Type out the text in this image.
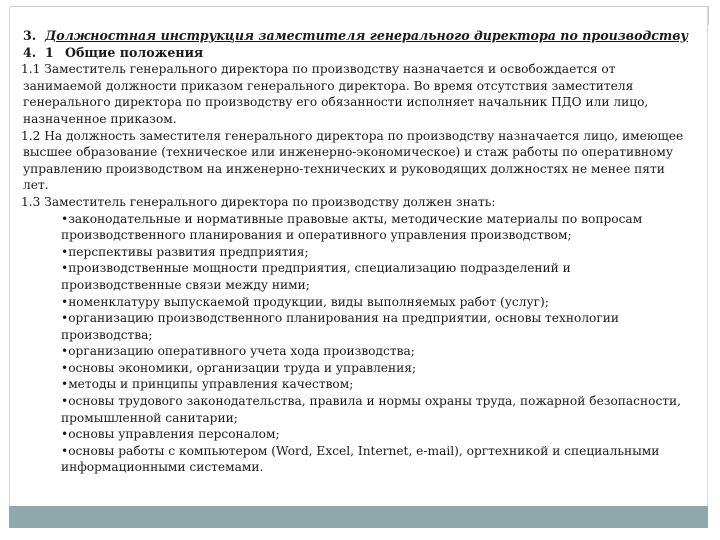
3. Должностная инструкция заместителя генерального директора по производству

4. 1 Общие положения

1.1 Заместитель генерального директора по производству назначается и освобождается от занимаемой должности приказом генерального директора. Во время отсутствия заместителя генерального директора по производству его обязанности исполняет начальник ПДО или лицо, назначенное приказом.

1.2 На должность заместителя генерального директора по производству назначается лицо, имеющее высшее образование (техническое или инженерно-экономическое) и стаж работы по оперативному управлению производством на инженерно-технических и руководящих должностях не менее пяти лет.

1.3 Заместитель генерального директора по производству должен знать:

•законодательные и нормативные правовые акты, методические материалы по вопросам производственного планирования и оперативного управления производством;
•перспективы развития предприятия;
•производственные мощности предприятия, специализацию подразделений и производственные связи между ними;
•номенклатуру выпускаемой продукции, виды выполняемых работ (услуг);
•организацию производственного планирования на предприятии, основы технологии производства;
•организацию оперативного учета хода производства;
•основы экономики, организации труда и управления;
•методы и принципы управления качеством;
•основы трудового законодательства, правила и нормы охраны труда, пожарной безопасности, промышленной санитарии;
•основы управления персоналом;
•основы работы с компьютером (Word, Excel, Internet, e-mail), оргтехникой и специальными информационными системами.
